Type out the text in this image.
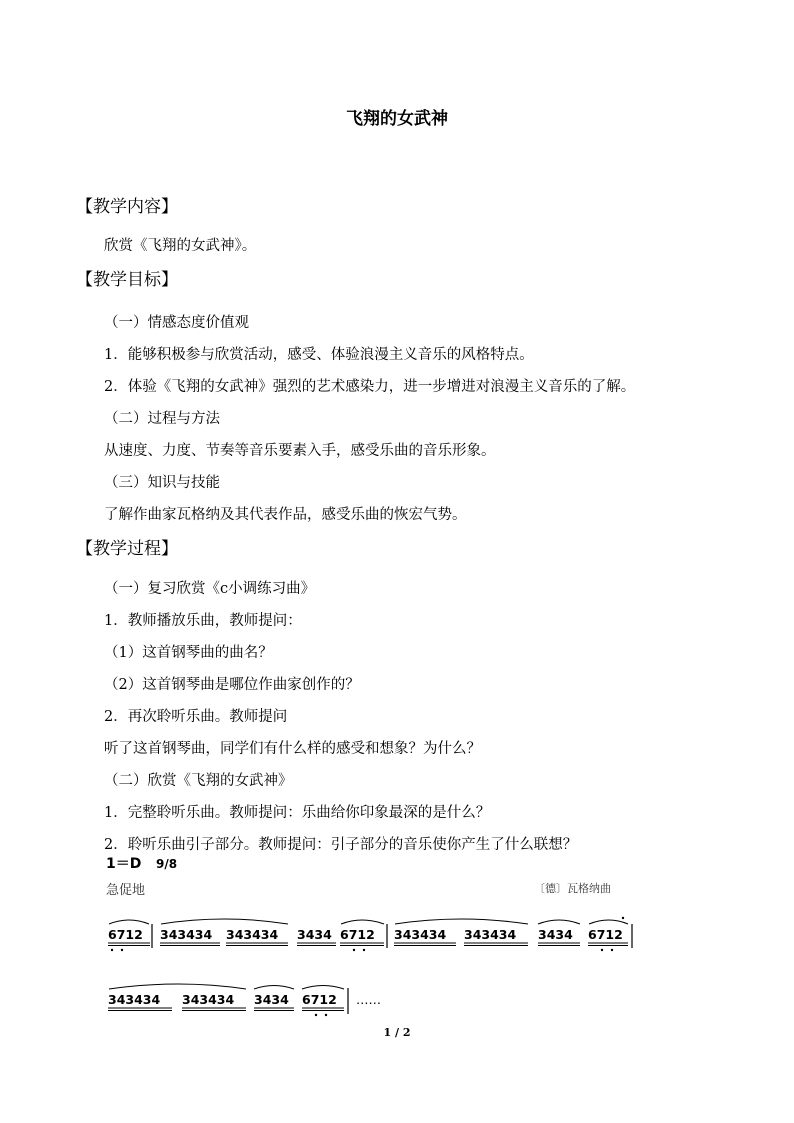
飞翔的女武神
【教学内容】
欣赏《飞翔的女武神》。
【教学目标】
（一）情感态度价值观
1．能够积极参与欣赏活动，感受、体验浪漫主义音乐的风格特点。
2．体验《飞翔的女武神》强烈的艺术感染力，进一步增进对浪漫主义音乐的了解。
（二）过程与方法
从速度、力度、节奏等音乐要素入手，感受乐曲的音乐形象。
（三）知识与技能
了解作曲家瓦格纳及其代表作品，感受乐曲的恢宏气势。
【教学过程】
（一）复习欣赏《c小调练习曲》
1．教师播放乐曲，教师提问：
（1）这首钢琴曲的曲名？
（2）这首钢琴曲是哪位作曲家创作的？
2．再次聆听乐曲。教师提问
听了这首钢琴曲，同学们有什么样的感受和想象？为什么？
（二）欣赏《飞翔的女武神》
1．完整聆听乐曲。教师提问：乐曲给你印象最深的是什么？
2．聆听乐曲引子部分。教师提问：引子部分的音乐使你产生了什么联想？
1＝D 9/8
急促地	〔德〕瓦格纳曲
6712 343434 343434 3434 6712 343434 343434 3434 6712
343434 343434 3434 6712 ……
1 / 2
